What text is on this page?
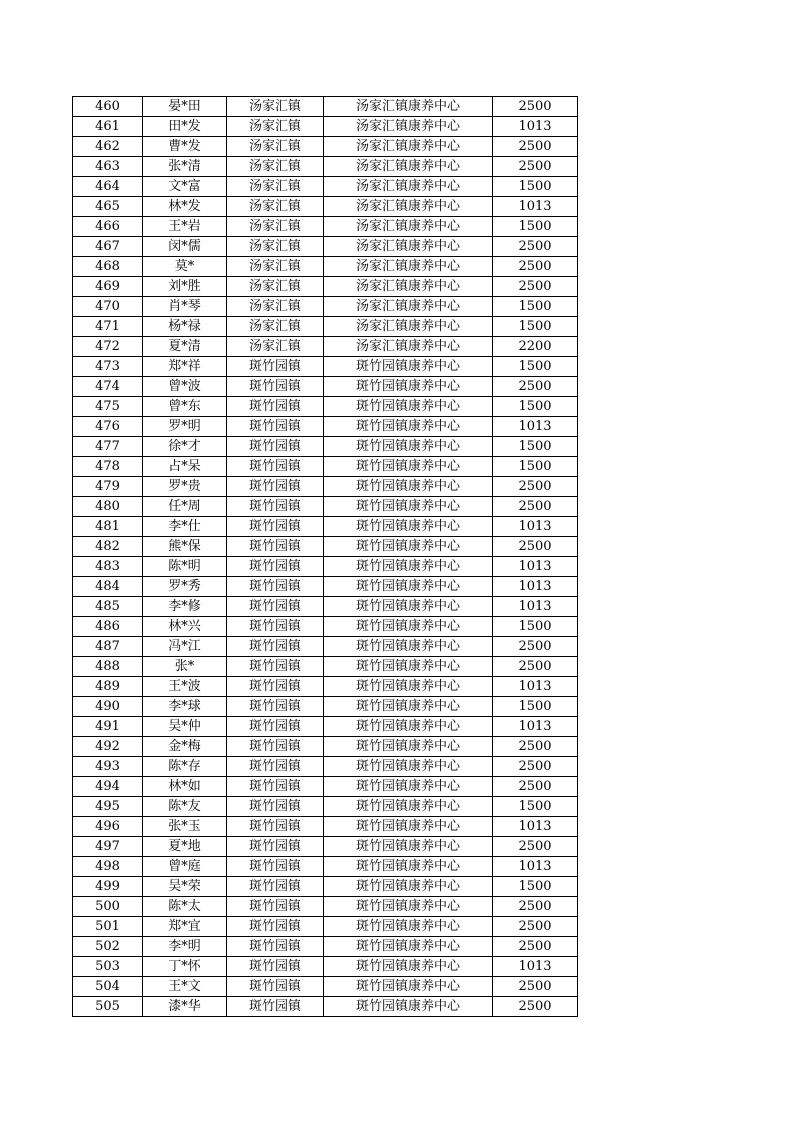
460	晏*田	汤家汇镇	汤家汇镇康养中心	2500
461	田*发	汤家汇镇	汤家汇镇康养中心	1013
462	曹*发	汤家汇镇	汤家汇镇康养中心	2500
463	张*清	汤家汇镇	汤家汇镇康养中心	2500
464	文*富	汤家汇镇	汤家汇镇康养中心	1500
465	林*发	汤家汇镇	汤家汇镇康养中心	1013
466	王*岩	汤家汇镇	汤家汇镇康养中心	1500
467	闵*儒	汤家汇镇	汤家汇镇康养中心	2500
468	莫*	汤家汇镇	汤家汇镇康养中心	2500
469	刘*胜	汤家汇镇	汤家汇镇康养中心	2500
470	肖*琴	汤家汇镇	汤家汇镇康养中心	1500
471	杨*禄	汤家汇镇	汤家汇镇康养中心	1500
472	夏*清	汤家汇镇	汤家汇镇康养中心	2200
473	郑*祥	斑竹园镇	斑竹园镇康养中心	1500
474	曾*波	斑竹园镇	斑竹园镇康养中心	2500
475	曾*东	斑竹园镇	斑竹园镇康养中心	1500
476	罗*明	斑竹园镇	斑竹园镇康养中心	1013
477	徐*才	斑竹园镇	斑竹园镇康养中心	1500
478	占*呆	斑竹园镇	斑竹园镇康养中心	1500
479	罗*贵	斑竹园镇	斑竹园镇康养中心	2500
480	任*周	斑竹园镇	斑竹园镇康养中心	2500
481	李*仕	斑竹园镇	斑竹园镇康养中心	1013
482	熊*保	斑竹园镇	斑竹园镇康养中心	2500
483	陈*明	斑竹园镇	斑竹园镇康养中心	1013
484	罗*秀	斑竹园镇	斑竹园镇康养中心	1013
485	李*修	斑竹园镇	斑竹园镇康养中心	1013
486	林*兴	斑竹园镇	斑竹园镇康养中心	1500
487	冯*江	斑竹园镇	斑竹园镇康养中心	2500
488	张*	斑竹园镇	斑竹园镇康养中心	2500
489	王*波	斑竹园镇	斑竹园镇康养中心	1013
490	李*球	斑竹园镇	斑竹园镇康养中心	1500
491	吴*仲	斑竹园镇	斑竹园镇康养中心	1013
492	金*梅	斑竹园镇	斑竹园镇康养中心	2500
493	陈*存	斑竹园镇	斑竹园镇康养中心	2500
494	林*如	斑竹园镇	斑竹园镇康养中心	2500
495	陈*友	斑竹园镇	斑竹园镇康养中心	1500
496	张*玉	斑竹园镇	斑竹园镇康养中心	1013
497	夏*地	斑竹园镇	斑竹园镇康养中心	2500
498	曾*庭	斑竹园镇	斑竹园镇康养中心	1013
499	吴*荣	斑竹园镇	斑竹园镇康养中心	1500
500	陈*太	斑竹园镇	斑竹园镇康养中心	2500
501	郑*宜	斑竹园镇	斑竹园镇康养中心	2500
502	李*明	斑竹园镇	斑竹园镇康养中心	2500
503	丁*怀	斑竹园镇	斑竹园镇康养中心	1013
504	王*文	斑竹园镇	斑竹园镇康养中心	2500
505	漆*华	斑竹园镇	斑竹园镇康养中心	2500
